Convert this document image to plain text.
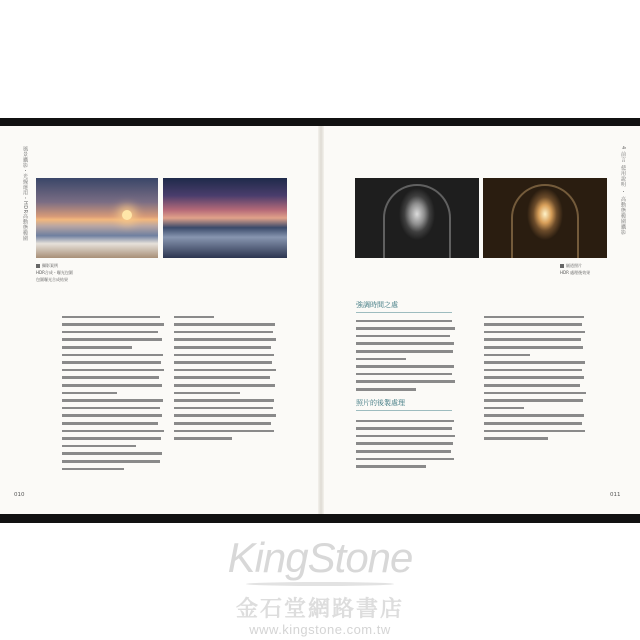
風景攝影・光線運用・HDR高動態範圍
攝影案例
HDR合成・曝光包圍
包圍曝光合成結果
010
4 前言 使用說明 ・ 高動態範圍攝影
隧道照片
HDR 處理後效果
強調時間之處
照片的後製處理
011
KingStone
金石堂網路書店
www.kingstone.com.tw
